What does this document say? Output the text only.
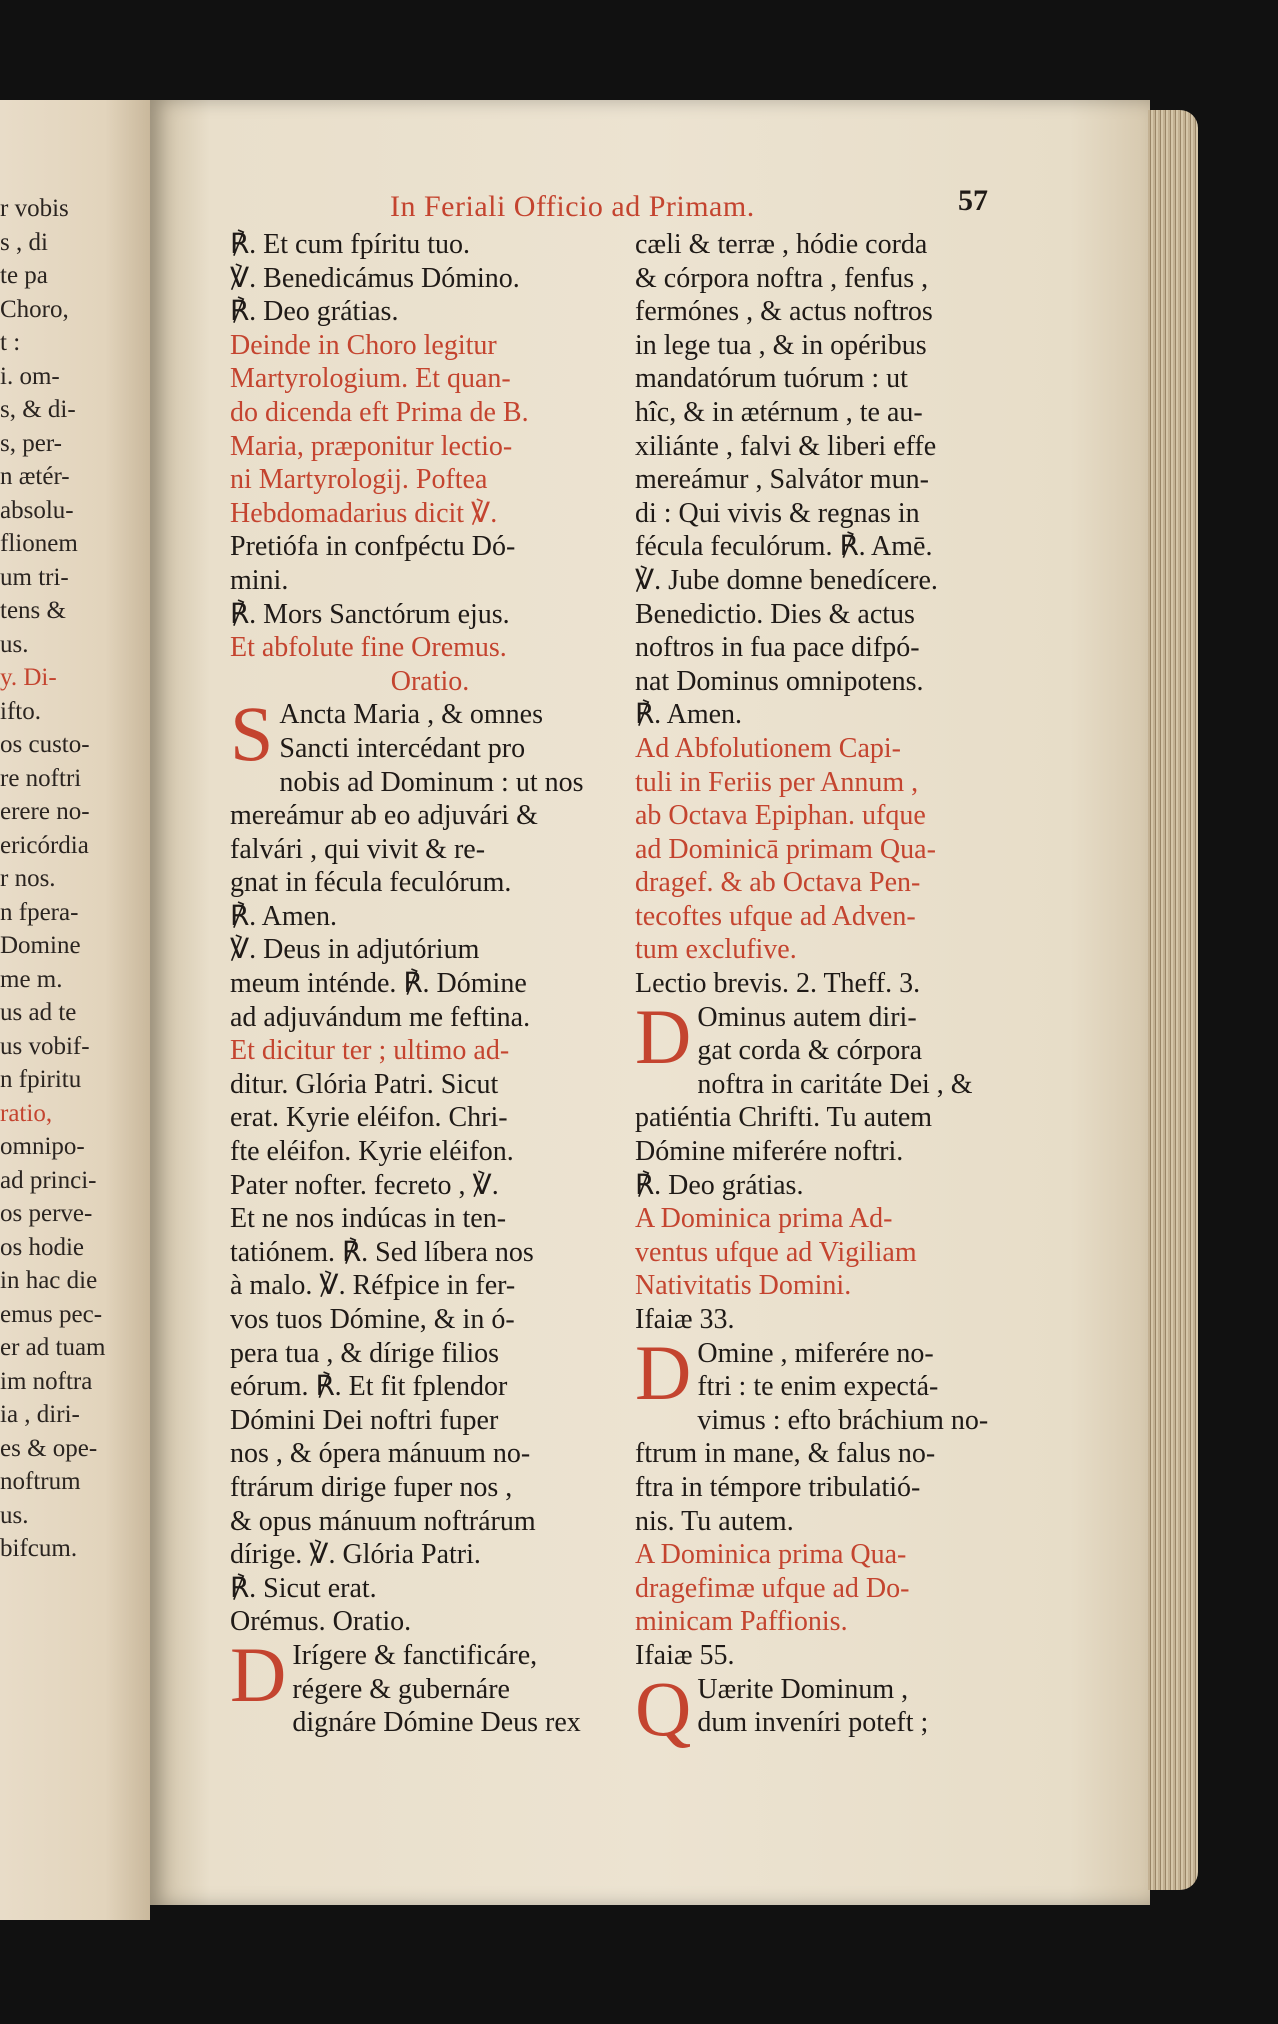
r vobis
s , di
te pa
Choro,
t :
i. om-
s, & di-
s, per-
n ætér-
absolu-
flionem
um tri-
tens &
us.
y. Di-
ifto.
os custo-
re noftri
erere no-
ericórdia
r nos.
n fpera-
Domine
me m.
us ad te
us vobif-
n fpiritu
ratio,
omnipo-
ad princi-
os perve-
os hodie
in hac die
emus pec-
er ad tuam
im noftra
ia , diri-
es & ope-
noftrum
us.
bifcum.
In Feriali Officio ad Primam.	57
℟. Et cum fpíritu tuo.
℣. Benedicámus Dómino.
℟. Deo grátias.
Deinde in Choro legitur
Martyrologium. Et quan-
do dicenda eft Prima de B.
Maria, præponitur lectio-
ni Martyrologij. Poftea
Hebdomadarius dicit ℣.
Pretiófa in confpéctu Dó-
mini.
℟. Mors Sanctórum ejus.
Et abfolute fine Oremus.
Oratio.
S Ancta Maria , & omnes
Sancti intercédant pro
nobis ad Dominum : ut nos
mereámur ab eo adjuvári &
falvári , qui vivit & re-
gnat in fécula feculórum.
℟. Amen.
℣. Deus in adjutórium
meum inténde. ℟. Dómine
ad adjuvándum me feftina.
Et dicitur ter ; ultimo ad-
ditur. Glória Patri. Sicut
erat. Kyrie eléifon. Chri-
fte eléifon. Kyrie eléifon.
Pater nofter. fecreto , ℣.
Et ne nos indúcas in ten-
tatiónem. ℟. Sed líbera nos
à malo. ℣. Réfpice in fer-
vos tuos Dómine, & in ó-
pera tua , & dírige filios
eórum. ℟. Et fit fplendor
Dómini Dei noftri fuper
nos , & ópera mánuum no-
ftrárum dirige fuper nos ,
& opus mánuum noftrárum
dírige. ℣. Glória Patri.
℟. Sicut erat.
Orémus. Oratio.
D Irígere & fanctificáre,
régere & gubernáre
dignáre Dómine Deus rex
cæli & terræ , hódie corda
& córpora noftra , fenfus ,
fermónes , & actus noftros
in lege tua , & in opéribus
mandatórum tuórum : ut
hîc, & in ætérnum , te au-
xiliánte , falvi & liberi effe
mereámur , Salvátor mun-
di : Qui vivis & regnas in
fécula feculórum. ℟. Amē.
℣. Jube domne benedícere.
Benedictio. Dies & actus
noftros in fua pace difpó-
nat Dominus omnipotens.
℟. Amen.
Ad Abfolutionem Capi-
tuli in Feriis per Annum ,
ab Octava Epiphan. ufque
ad Dominicā primam Qua-
dragef. & ab Octava Pen-
tecoftes ufque ad Adven-
tum exclufive.
Lectio brevis. 2. Theff. 3.
D Ominus autem diri-
gat corda & córpora
noftra in caritáte Dei , &
patiéntia Chrifti. Tu autem
Dómine miferére noftri.
℟. Deo grátias.
A Dominica prima Ad-
ventus ufque ad Vigiliam
Nativitatis Domini.
Ifaiæ 33.
D Omine , miferére no-
ftri : te enim expectá-
vimus : efto bráchium no-
ftrum in mane, & falus no-
ftra in témpore tribulatió-
nis. Tu autem.
A Dominica prima Qua-
dragefimæ ufque ad Do-
minicam Paffionis.
Ifaiæ 55.
Q Uærite Dominum ,
dum inveníri poteft ;
